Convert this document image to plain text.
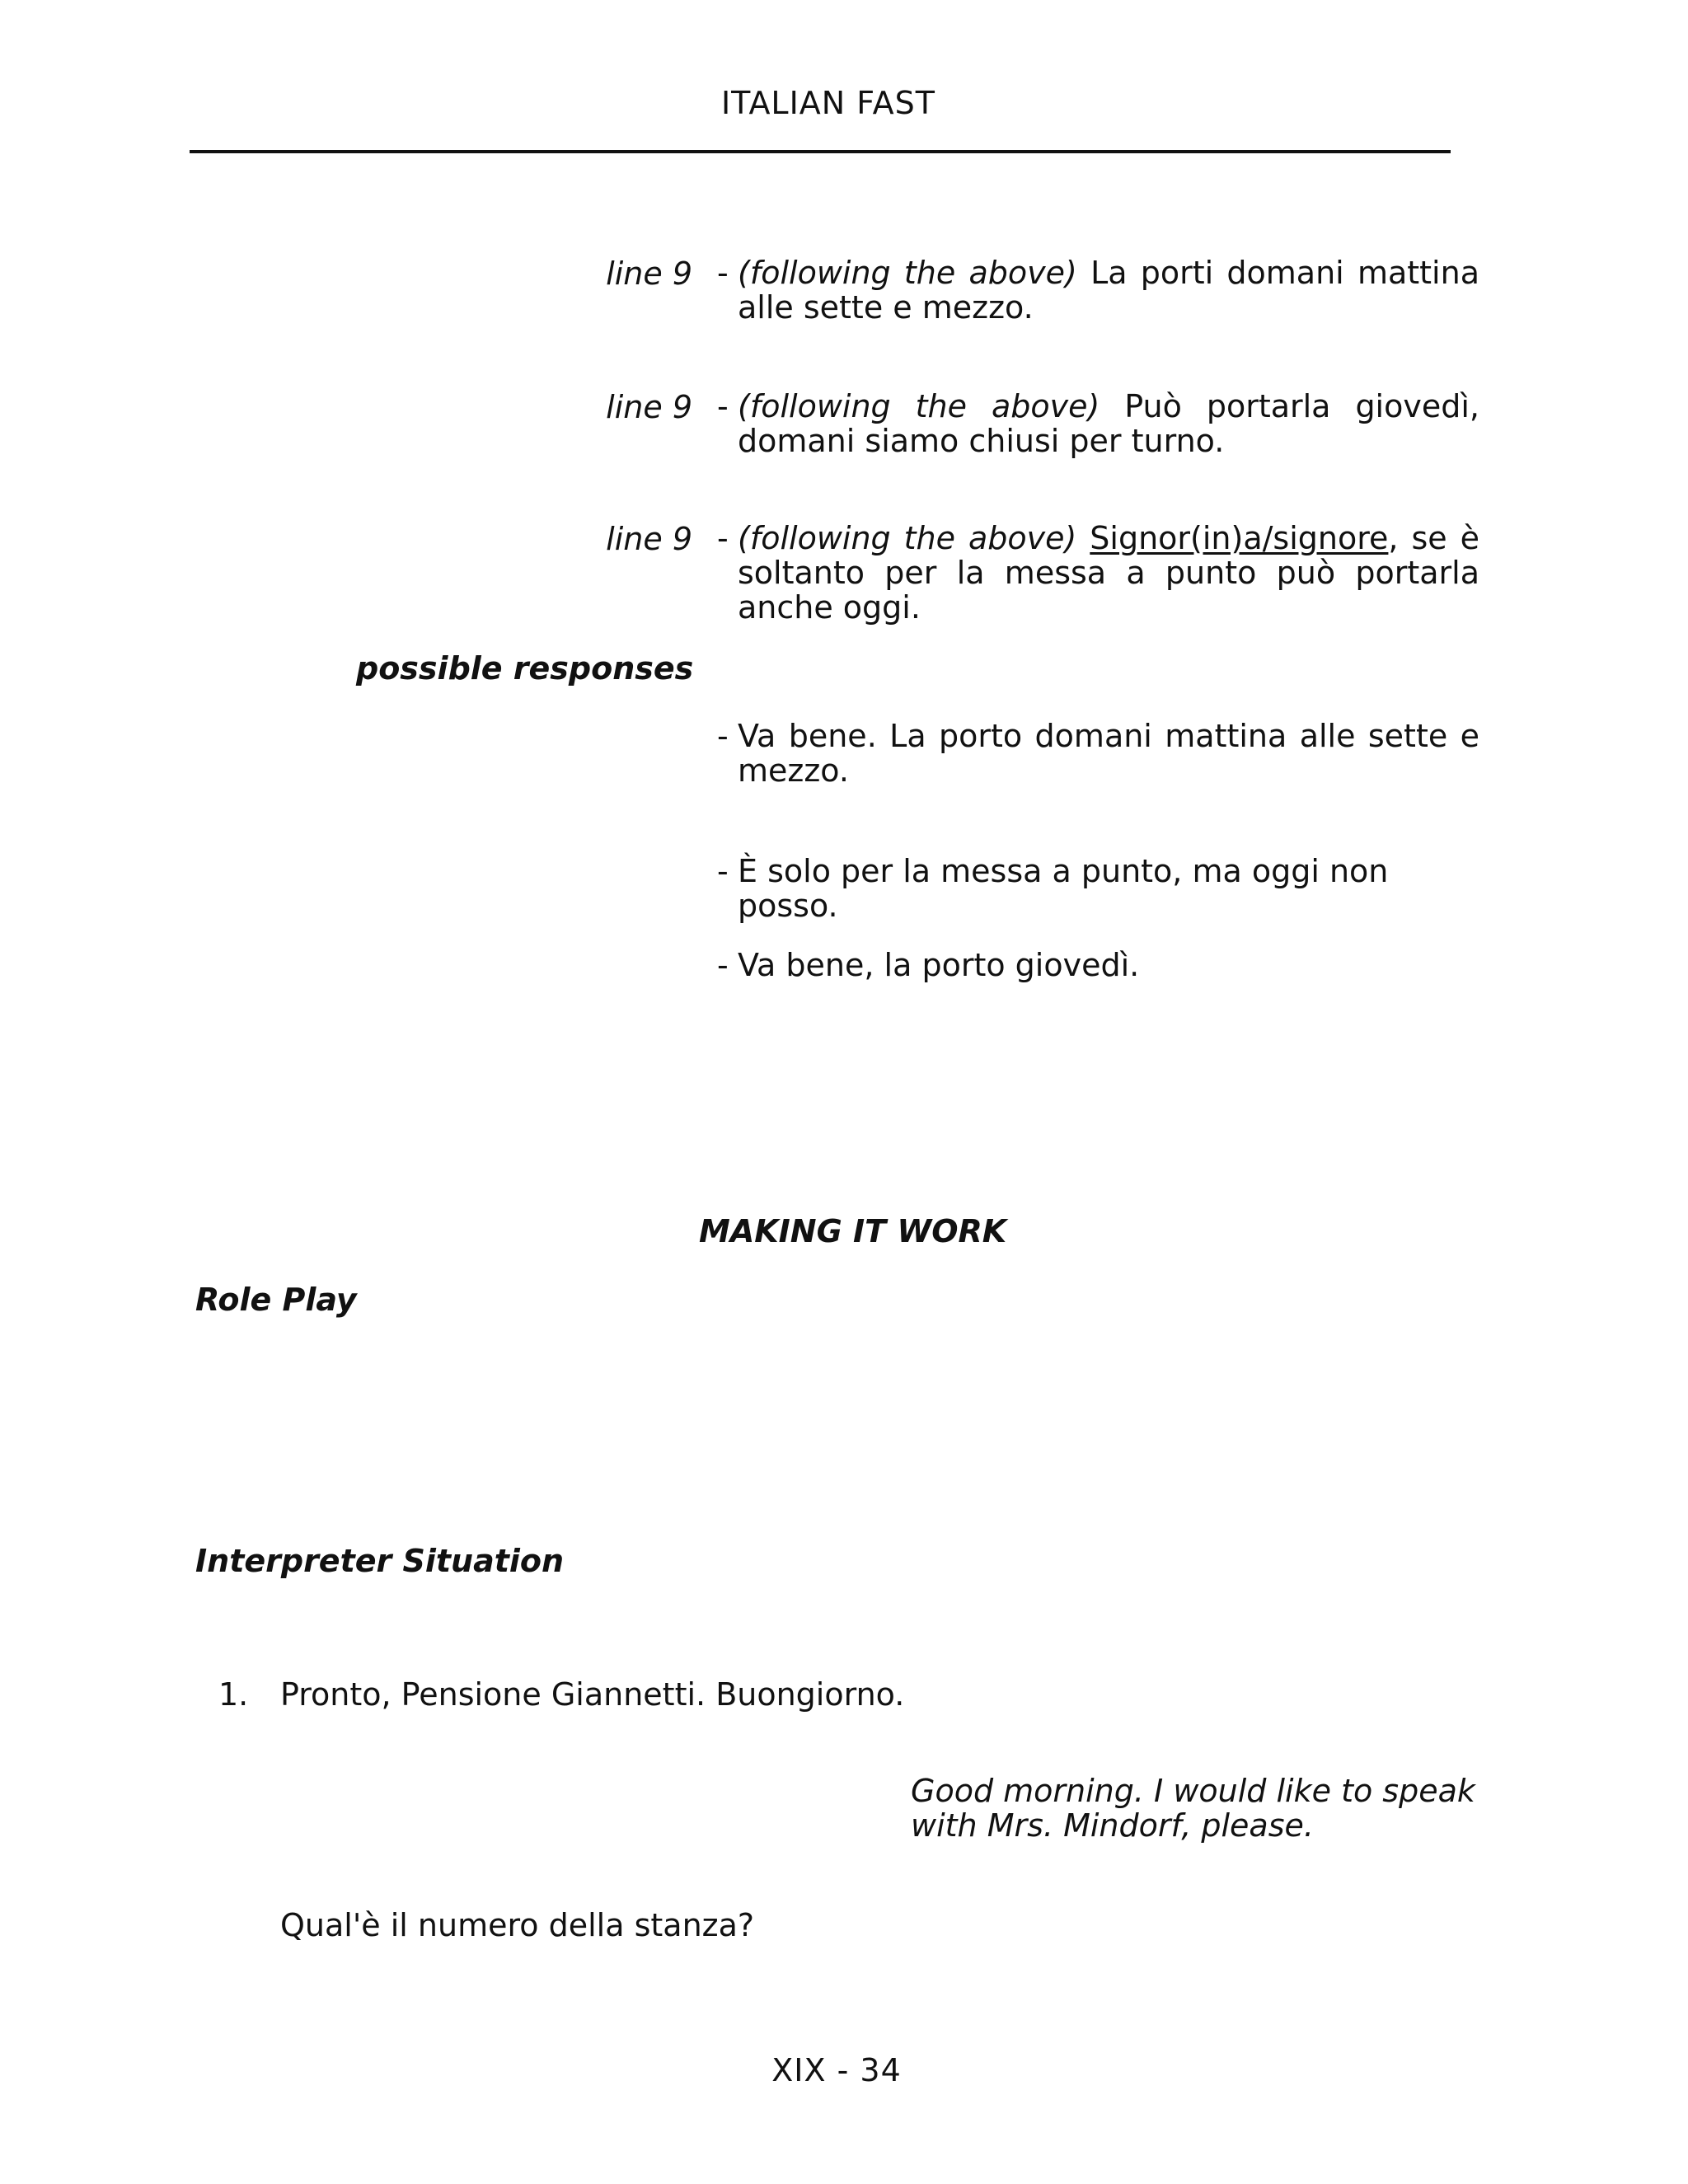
ITALIAN FAST
line 9 - (following the above) La porti domani mattina alle sette e mezzo.
line 9 - (following the above) Può portarla giovedì, domani siamo chiusi per turno.
line 9 - (following the above) Signor(in)a/signore, se è soltanto per la messa a punto può portarla anche oggi.
possible responses
- Va bene. La porto domani mattina alle sette e mezzo.
- È solo per la messa a punto, ma oggi non posso.
- Va bene, la porto giovedì.
MAKING IT WORK
Role Play
Interpreter Situation
1. Pronto, Pensione Giannetti. Buongiorno.
Good morning. I would like to speak with Mrs. Mindorf, please.
Qual'è il numero della stanza?
XIX - 34
